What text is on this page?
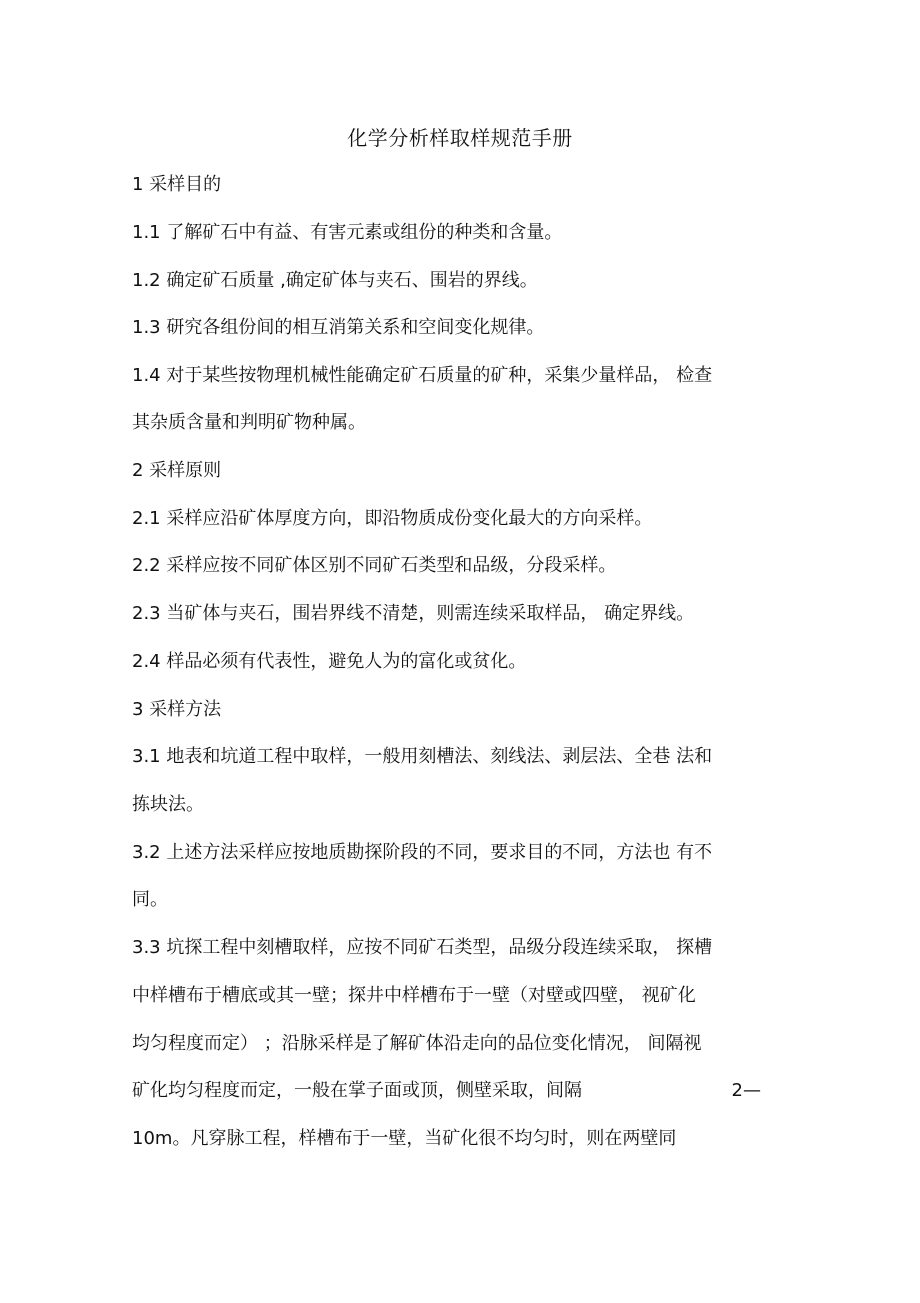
化学分析样取样规范手册

1 采样目的

1.1 了解矿石中有益、有害元素或组份的种类和含量。

1.2 确定矿石质量 ,确定矿体与夹石、围岩的界线。

1.3 研究各组份间的相互消第关系和空间变化规律。

1.4 对于某些按物理机械性能确定矿石质量的矿种，采集少量样品， 检查

其杂质含量和判明矿物种属。

2 采样原则

2.1 采样应沿矿体厚度方向，即沿物质成份变化最大的方向采样。

2.2 采样应按不同矿体区别不同矿石类型和品级，分段采样。

2.3 当矿体与夹石，围岩界线不清楚，则需连续采取样品， 确定界线。

2.4 样品必须有代表性，避免人为的富化或贫化。

3 采样方法

3.1 地表和坑道工程中取样，一般用刻槽法、刻线法、剥层法、全巷 法和

拣块法。

3.2 上述方法采样应按地质勘探阶段的不同，要求目的不同，方法也 有不

同。

3.3 坑探工程中刻槽取样，应按不同矿石类型，品级分段连续采取， 探槽

中样槽布于槽底或其一壁；探井中样槽布于一壁（对壁或四壁， 视矿化

均匀程度而定） ；沿脉采样是了解矿体沿走向的品位变化情况， 间隔视

矿化均匀程度而定，一般在掌子面或顶，侧壁采取，间隔	2—

10m。凡穿脉工程，样槽布于一壁，当矿化很不均匀时，则在两壁同
